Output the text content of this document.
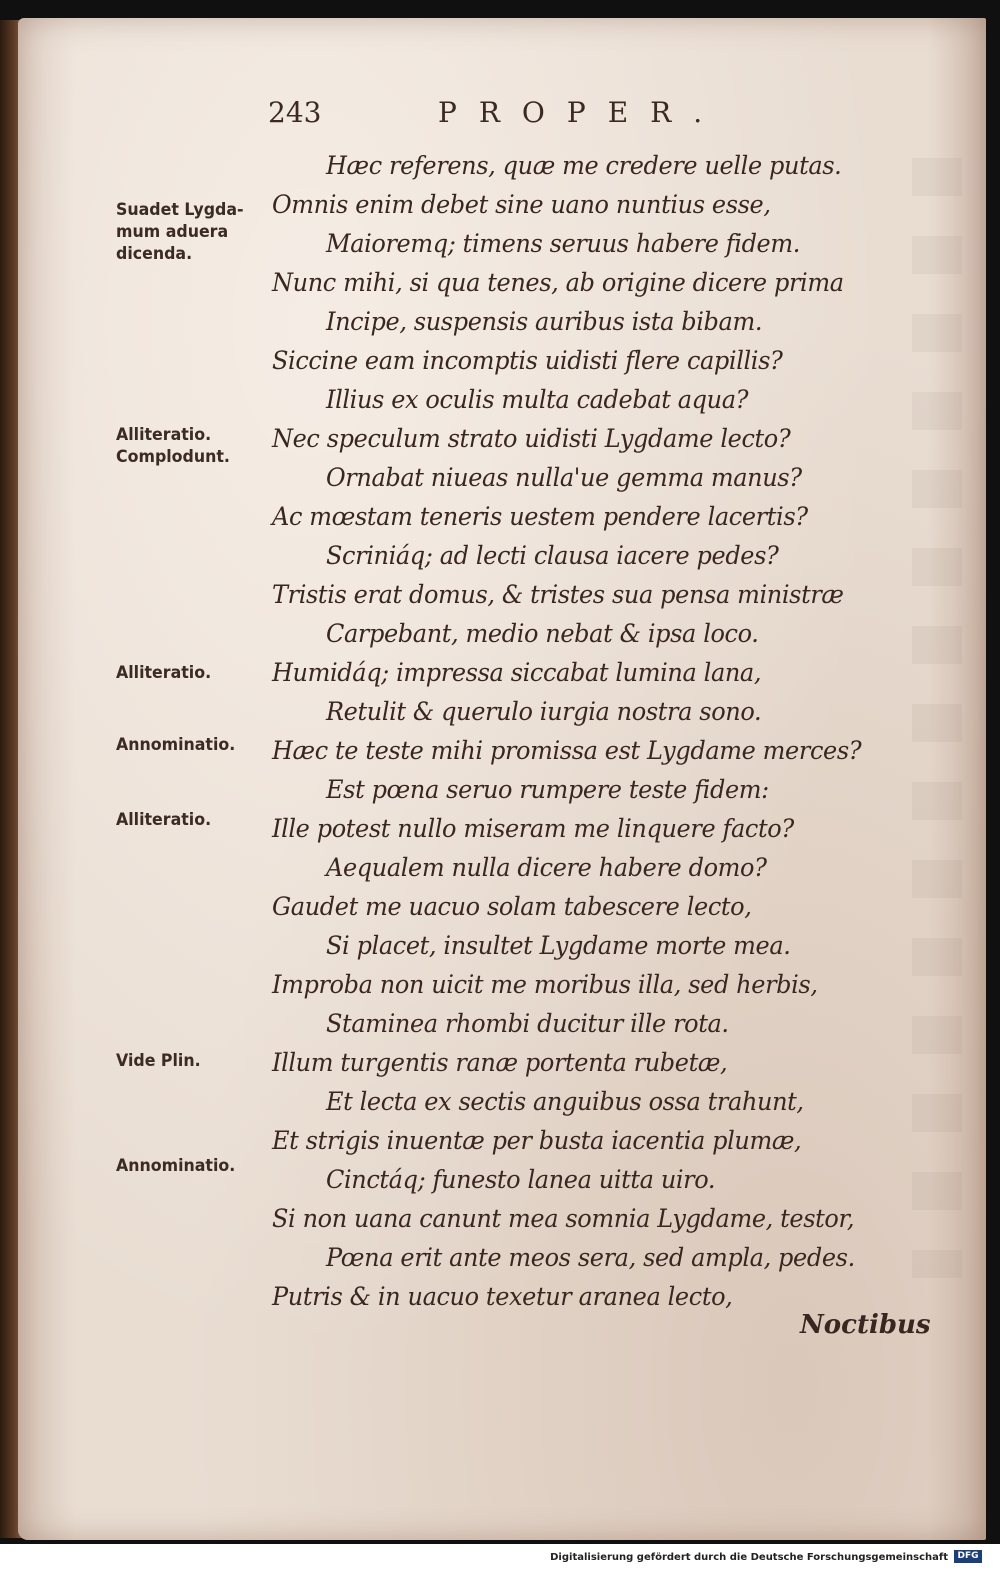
243	PROPER.

Hæc referens, quæ me credere uelle putas.

Omnis enim debet sine uano nuntius esse,

Maioremq; timens seruus habere fidem.

Nunc mihi, si qua tenes, ab origine dicere prima

Incipe, suspensis auribus ista bibam.

Siccine eam incomptis uidisti flere capillis?

Illius ex oculis multa cadebat aqua?

Nec speculum strato uidisti Lygdame lecto?

Ornabat niueas nulla'ue gemma manus?

Ac mœstam teneris uestem pendere lacertis?

Scriniáq; ad lecti clausa iacere pedes?

Tristis erat domus, & tristes sua pensa ministræ

Carpebant, medio nebat & ipsa loco.

Humidáq; impressa siccabat lumina lana,

Retulit & querulo iurgia nostra sono.

Hæc te teste mihi promissa est Lygdame merces?

Est pœna seruo rumpere teste fidem:

Ille potest nullo miseram me linquere facto?

Aequalem nulla dicere habere domo?

Gaudet me uacuo solam tabescere lecto,

Si placet, insultet Lygdame morte mea.

Improba non uicit me moribus illa, sed herbis,

Staminea rhombi ducitur ille rota.

Illum turgentis ranæ portenta rubetæ,

Et lecta ex sectis anguibus ossa trahunt,

Et strigis inuentæ per busta iacentia plumæ,

Cinctáq; funesto lanea uitta uiro.

Si non uana canunt mea somnia Lygdame, testor,

Pœna erit ante meos sera, sed ampla, pedes.

Putris & in uacuo texetur aranea lecto,

Suadet Lygda-
mum aduera
dicenda.
Alliteratio.
Complodunt.
Alliteratio.
Annominatio.
Alliteratio.
Vide Plin.
Annominatio.
Noctibus
Digitalisierung gefördert durch die Deutsche Forschungsgemeinschaft	DFG
